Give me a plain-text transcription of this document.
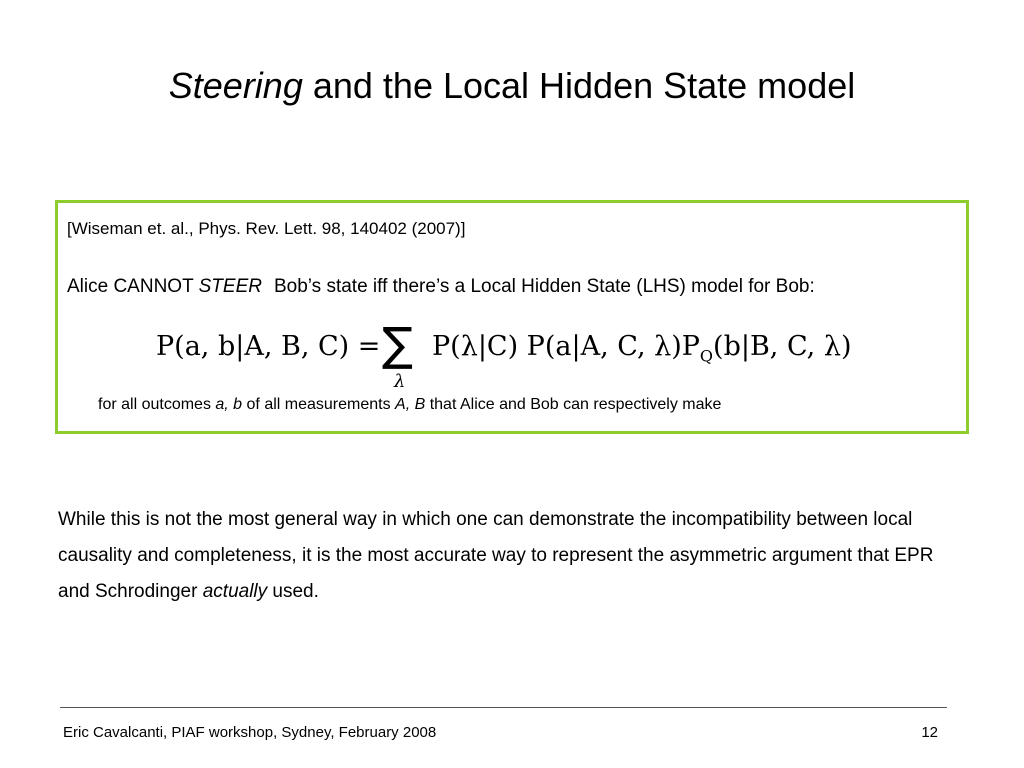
Steering and the Local Hidden State model
[Wiseman et. al., Phys. Rev. Lett. 98, 140402 (2007)]
Alice CANNOT STEER Bob’s state iff there’s a Local Hidden State (LHS) model for Bob:
P(a, b|A, B, C) = ∑
λ
P(λ|C) P(a|A, C, $\lambda)P_Q(b|B$, C, λ)
for all outcomes a, b of all measurements A, B that Alice and Bob can respectively make
While this is not the most general way in which one can demonstrate the incompatibility between local causality and completeness, it is the most accurate way to represent the asymmetric argument that EPR and Schrodinger actually used.
Eric Cavalcanti, PIAF workshop, Sydney, February 2008	12
